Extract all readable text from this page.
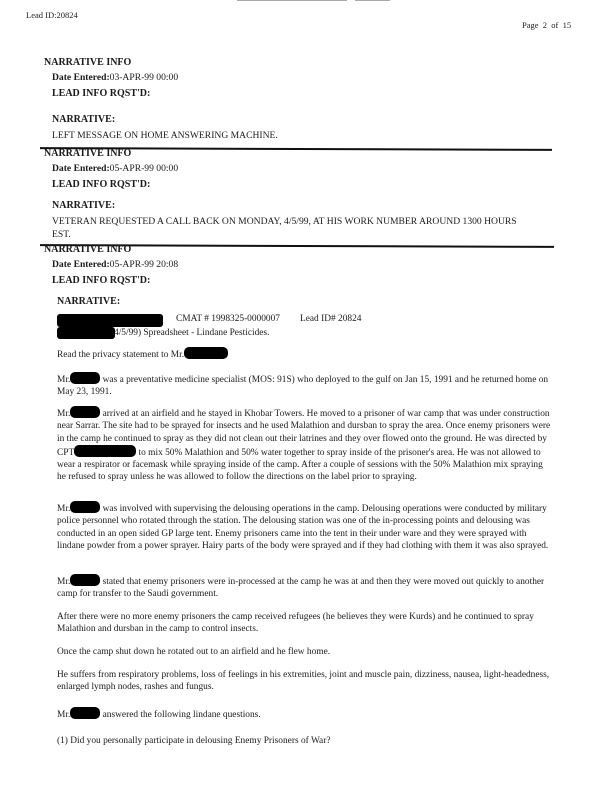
Lead ID:20824
Page  2  of  15
NARRATIVE INFO
Date Entered:03-APR-99 00:00
LEAD INFO RQST'D:
NARRATIVE:
LEFT MESSAGE ON HOME ANSWERING MACHINE.
NARRATIVE INFO
Date Entered:05-APR-99 00:00
LEAD INFO RQST'D:
NARRATIVE:
VETERAN REQUESTED A CALL BACK ON MONDAY, 4/5/99, AT HIS WORK NUMBER AROUND 1300 HOURS EST.
NARRATIVE INFO
Date Entered:05-APR-99 20:08
LEAD INFO RQST'D:
NARRATIVE:
CMAT # 1998325-0000007 Lead ID# 20824
4/5/99) Spreadsheet - Lindane Pesticides.
Read the privacy statement to Mr.
Mr.	was a preventative medicine specialist (MOS: 91S) who deployed to the gulf on Jan 15, 1991 and he returned home on May 23, 1991.
Mr.	arrived at an airfield and he stayed in Khobar Towers. He moved to a prisoner of war camp that was under construction near Sarrar. The site had to be sprayed for insects and he used Malathion and dursban to spray the area. Once enemy prisoners were in the camp he continued to spray as they did not clean out their latrines and they over flowed onto the ground. He was directed by CPT	to mix 50% Malathion and 50% water together to spray inside of the prisoner's area. He was not allowed to wear a respirator or facemask while spraying inside of the camp. After a couple of sessions with the 50% Malathion mix spraying he refused to spray unless he was allowed to follow the directions on the label prior to spraying.
Mr.	was involved with supervising the delousing operations in the camp. Delousing operations were conducted by military police personnel who rotated through the station. The delousing station was one of the in-processing points and delousing was conducted in an open sided GP large tent. Enemy prisoners came into the tent in their under ware and they were sprayed with lindane powder from a power sprayer. Hairy parts of the body were sprayed and if they had clothing with them it was also sprayed.
Mr.	stated that enemy prisoners were in-processed at the camp he was at and then they were moved out quickly to another camp for transfer to the Saudi government.
After there were no more enemy prisoners the camp received refugees (he believes they were Kurds) and he continued to spray Malathion and dursban in the camp to control insects.
Once the camp shut down he rotated out to an airfield and he flew home.
He suffers from respiratory problems, loss of feelings in his extremities, joint and muscle pain, dizziness, nausea, light-headedness, enlarged lymph nodes, rashes and fungus.
Mr.	answered the following lindane questions.
(1) Did you personally participate in delousing Enemy Prisoners of War?
